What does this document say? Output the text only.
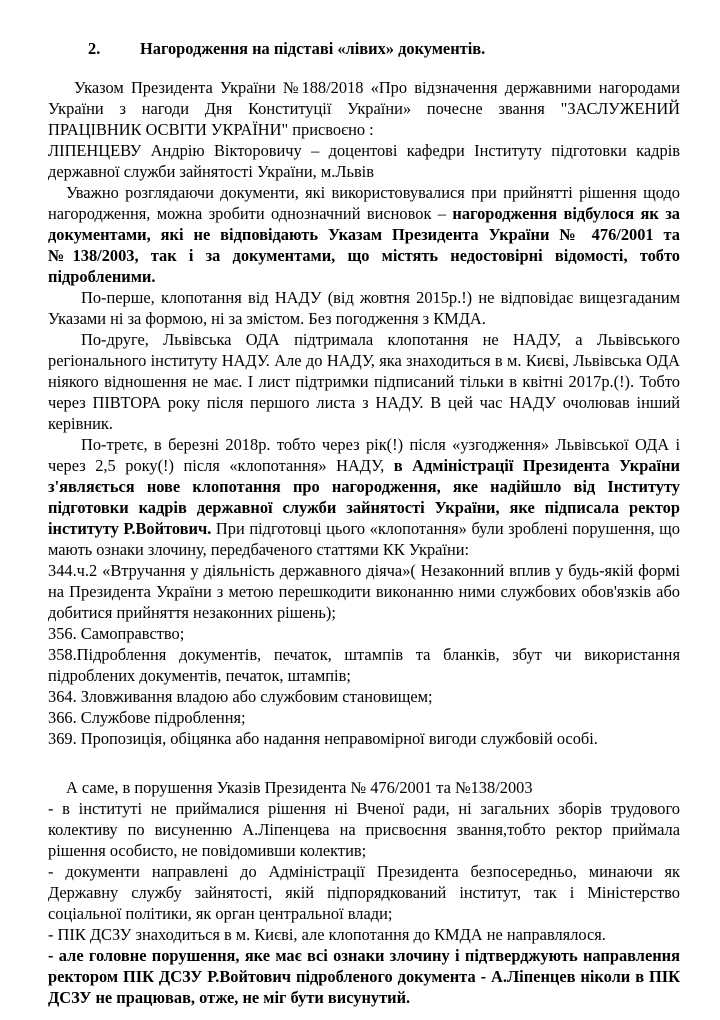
2. Нагородження на підставі «лівих» документів.

Указом Президента України №188/2018 «Про відзначення державними нагородами України з нагоди Дня Конституції України» почесне звання "ЗАСЛУЖЕНИЙ ПРАЦІВНИК ОСВІТИ УКРАЇНИ" присвоєно :

ЛІПЕНЦЕВУ Андрію Вікторовичу – доцентові кафедри Інституту підготовки кадрів державної служби зайнятості України, м.Львів

Уважно розглядаючи документи, які використовувалися при прийнятті рішення щодо нагородження, можна зробити однозначний висновок – нагородження відбулося як за документами, які не відповідають Указам Президента України № 476/2001 та №138/2003, так і за документами, що містять недостовірні відомості, тобто підробленими.

По-перше, клопотання від НАДУ (від жовтня 2015р.!) не відповідає вищезгаданим Указами ні за формою, ні за змістом. Без погодження з КМДА.

По-друге, Львівська ОДА підтримала клопотання не НАДУ, а Львівського регіонального інституту НАДУ. Але до НАДУ, яка знаходиться в м. Києві, Львівська ОДА ніякого відношення не має. І лист підтримки підписаний тільки в квітні 2017р.(!). Тобто через ПІВТОРА року після першого листа з НАДУ. В цей час НАДУ очолював інший керівник.

По-третє, в березні 2018р. тобто через рік(!) після «узгодження» Львівської ОДА і через 2,5 року(!) після «клопотання» НАДУ, в Адміністрації Президента України з'являється нове клопотання про нагородження, яке надійшло від Інституту підготовки кадрів державної служби зайнятості України, яке підписала ректор інституту Р.Войтович. При підготовці цього «клопотання» були зроблені порушення, що мають ознаки злочину, передбаченого статтями КК України:

344.ч.2 «Втручання у діяльність державного діяча»( Незаконний вплив у будь-якій формі на Президента України з метою перешкодити виконанню ними службових обов'язків або добитися прийняття незаконних рішень);

356. Самоправство;

358.Підроблення документів, печаток, штампів та бланків, збут чи використання підроблених документів, печаток, штампів;

364. Зловживання владою або службовим становищем;

366. Службове підроблення;

369. Пропозиція, обіцянка або надання неправомірної вигоди службовій особі.

А саме, в порушення Указів Президента № 476/2001 та №138/2003

- в інституті не приймалися рішення ні Вченої ради, ні загальних зборів трудового колективу по висуненню А.Ліпенцева на присвоєння звання,тобто ректор приймала рішення особисто, не повідомивши колектив;

- документи направлені до Адміністрації Президента безпосередньо, минаючи як Державну службу зайнятості, якій підпорядкований інститут, так і Міністерство соціальної політики, як орган центральної влади;

- ПІК ДСЗУ знаходиться в м. Києві, але клопотання до КМДА не направлялося.

- але головне порушення, яке має всі ознаки злочину і підтверджують направлення ректором ПІК ДСЗУ Р.Войтович підробленого документа - А.Ліпенцев ніколи в ПІК ДСЗУ не працював, отже, не міг бути висунутий.
